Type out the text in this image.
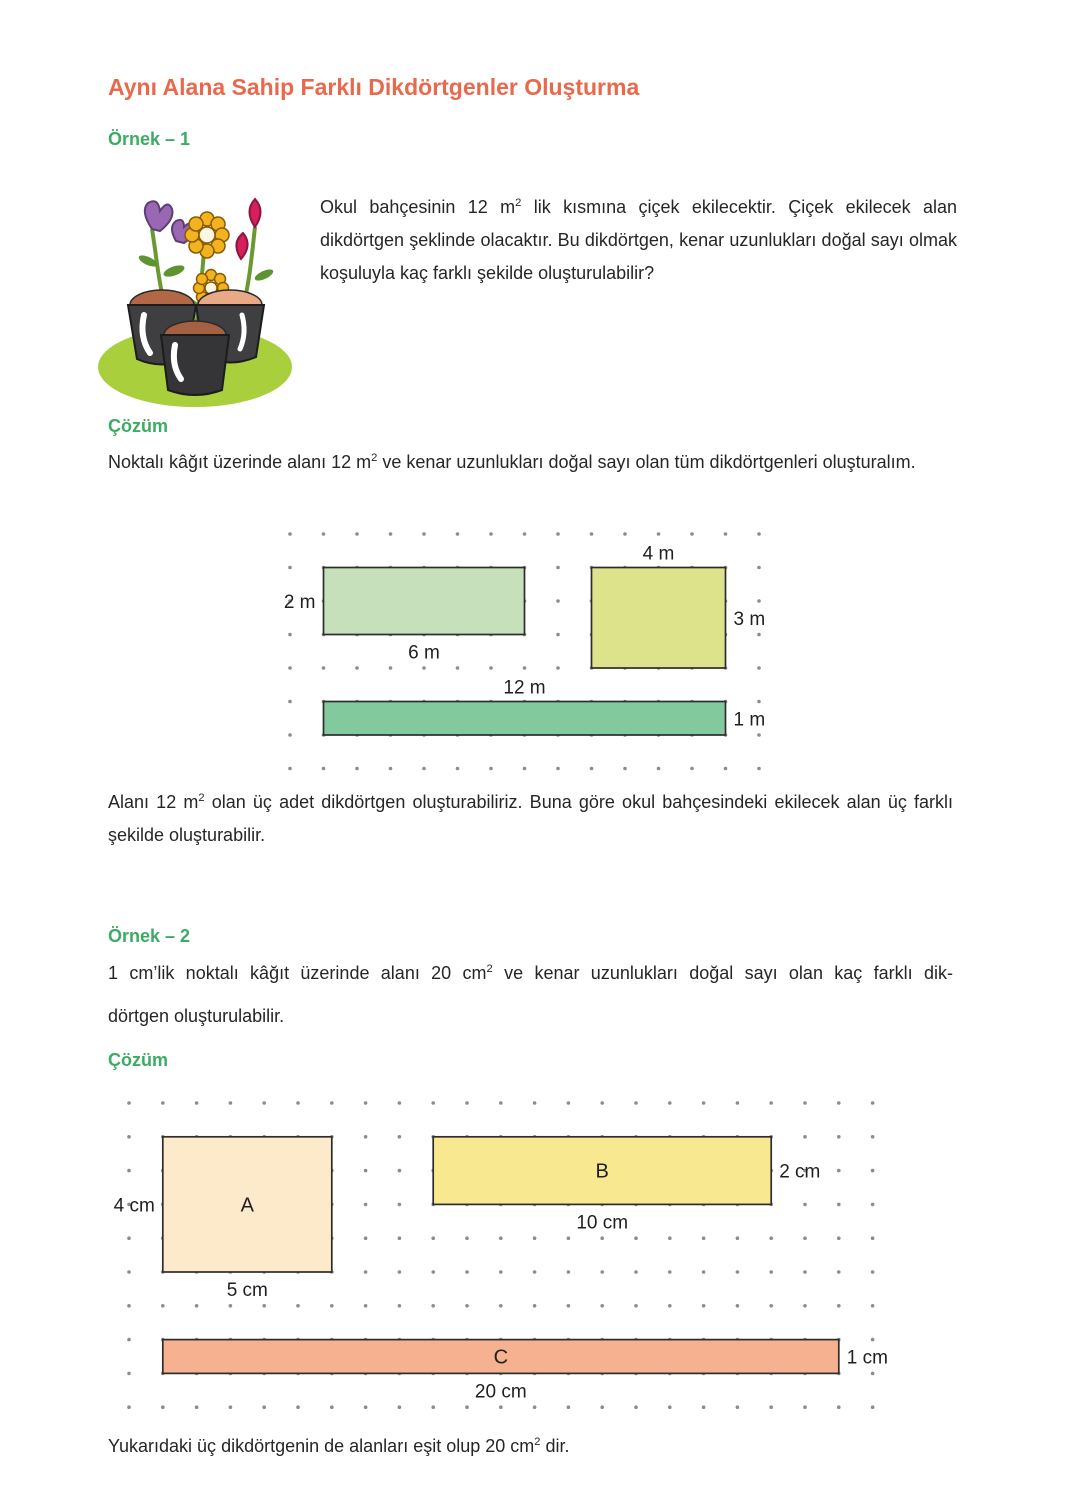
Aynı Alana Sahip Farklı Dikdörtgenler Oluşturma
Örnek – 1

Okul bahçesinin 12 $m^2$ lik kısmına çiçek ekilecektir. Çiçek ekilecek alan dikdörtgen şeklinde olacaktır. Bu dikdörtgen, kenar uzunlukları doğal sayı olmak koşuluyla kaç farklı şekilde oluşturulabilir?

Çözüm

Noktalı kâğıt üzerinde alanı 12 $m^2$ ve kenar uzunlukları doğal sayı olan tüm dikdörtgenleri oluşturalım.

2 m
6 m
4 m
3 m
12 m
1 m

Alanı 12 $m^2$ olan üç adet dikdörtgen oluşturabiliriz. Buna göre okul bahçesindeki ekilecek alan üç farklı şekilde oluşturabilir.

Örnek – 2

1 cm’lik noktalı kâğıt üzerinde alanı 20 $cm^2$ ve kenar uzunlukları doğal sayı olan kaç farklı dik-
dörtgen oluşturulabilir.

Çözüm
A
4 cm
5 cm
B	2 cm
10 cm
C	1 cm
20 cm

Yukarıdaki üç dikdörtgenin de alanları eşit olup 20 $cm^2$ dir.
